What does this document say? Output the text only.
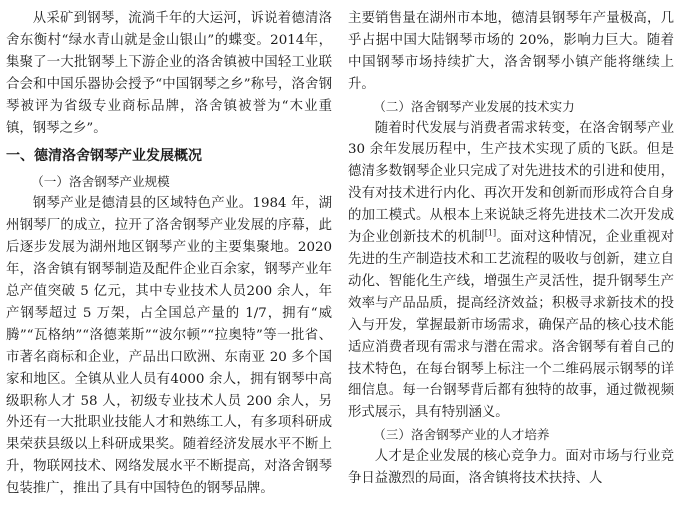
从采矿到钢琴，流淌千年的大运河，诉说着德清洛舍东衡村“绿水青山就是金山银山”的蝶变。2014年，集聚了一大批钢琴上下游企业的洛舍镇被中国轻工业联合会和中国乐器协会授予“中国钢琴之乡”称号，洛舍钢琴被评为省级专业商标品牌，洛舍镇被誉为“木业重镇，钢琴之乡”。

一、德清洛舍钢琴产业发展概况
（一）洛舍钢琴产业规模

钢琴产业是德清县的区域特色产业。1984 年，湖州钢琴厂的成立，拉开了洛舍钢琴产业发展的序幕，此后逐步发展为湖州地区钢琴产业的主要集聚地。2020 年，洛舍镇有钢琴制造及配件企业百余家，钢琴产业年总产值突破 5 亿元，其中专业技术人员200 余人，年产钢琴超过 5 万架，占全国总产量的 1/7，拥有“威腾”“瓦格纳”“洛德莱斯”“波尔顿”“拉奥特”等一批省、市著名商标和企业，产品出口欧洲、东南亚 20 多个国家和地区。全镇从业人员有4000 余人，拥有钢琴中高级职称人才 58 人，初级专业技术人员 200 余人，另外还有一大批职业技能人才和熟练工人，有多项科研成果荣获县级以上科研成果奖。随着经济发展水平不断上升，物联网技术、网络发展水平不断提高，对洛舍钢琴包装推广，推出了具有中国特色的钢琴品牌。

主要销售量在湖州市本地，德清县钢琴年产量极高，几乎占据中国大陆钢琴市场的 20%，影响力巨大。随着中国钢琴市场持续扩大，洛舍钢琴小镇产能将继续上升。

（二）洛舍钢琴产业发展的技术实力

随着时代发展与消费者需求转变，在洛舍钢琴产业 30 余年发展历程中，生产技术实现了质的飞跃。但是德清多数钢琴企业只完成了对先进技术的引进和使用，没有对技术进行内化、再次开发和创新而形成符合自身的加工模式。从根本上来说缺乏将先进技术二次开发成为企业创新技术的机制[1]。面对这种情况，企业重视对先进的生产制造技术和工艺流程的吸收与创新，建立自动化、智能化生产线，增强生产灵活性，提升钢琴生产效率与产品品质，提高经济效益；积极寻求新技术的投入与开发，掌握最新市场需求，确保产品的核心技术能适应消费者现有需求与潜在需求。洛舍钢琴有着自己的技术特色，在每台钢琴上标注一个二维码展示钢琴的详细信息。每一台钢琴背后都有独特的故事，通过微视频形式展示，具有特别涵义。

（三）洛舍钢琴产业的人才培养

人才是企业发展的核心竞争力。面对市场与行业竞争日益激烈的局面，洛舍镇将技术扶持、人
